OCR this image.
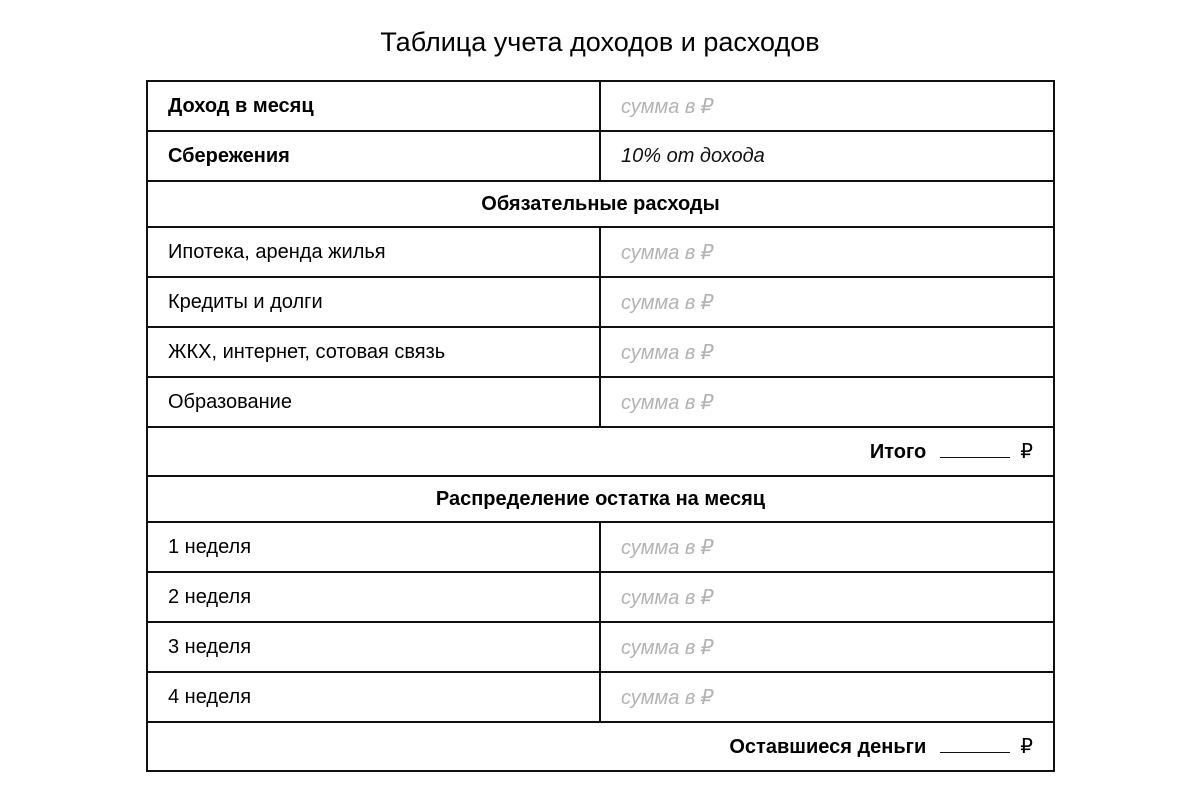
Таблица учета доходов и расходов
Доход в месяц	сумма в ₽
Сбережения	10% от дохода
Обязательные расходы	
Ипотека, аренда жилья	сумма в ₽
Кредиты и долги	сумма в ₽
ЖКХ, интернет, сотовая связь	сумма в ₽
Образование	сумма в ₽
Итого ₽	
Распределение остатка на месяц	
1 неделя	сумма в ₽
2 неделя	сумма в ₽
3 неделя	сумма в ₽
4 неделя	сумма в ₽
Оставшиеся деньги ₽	
